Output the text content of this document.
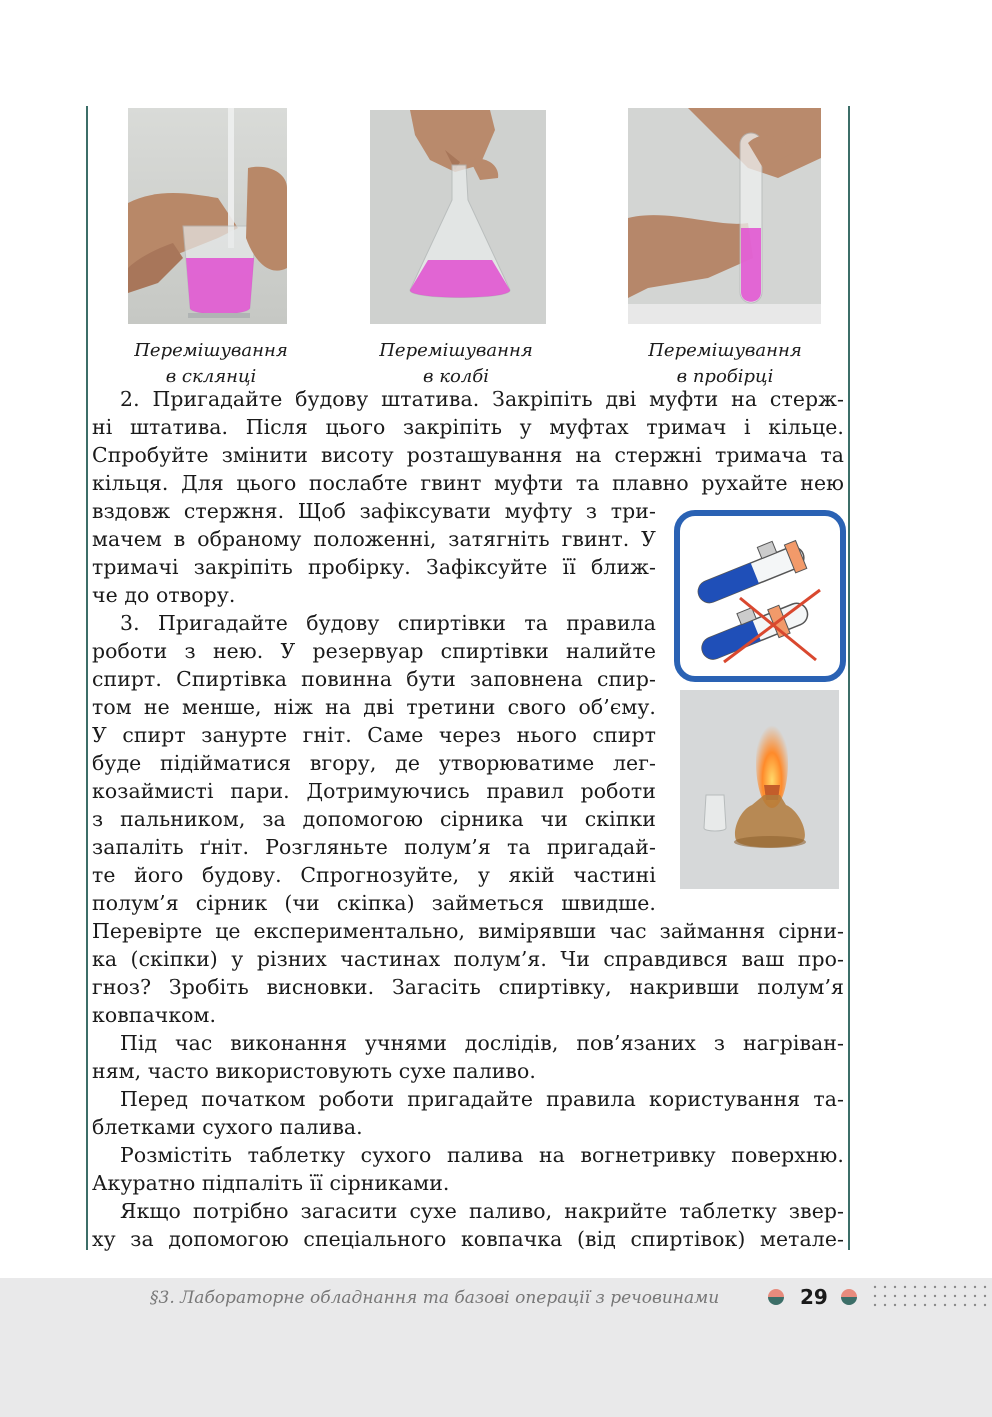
Перемішування
в склянці
Перемішування
в колбі
Перемішування
в пробірці
2. Пригадайте будову штатива. Закріпіть дві муфти на стерж-
ні штатива. Після цього закріпіть у муфтах тримач і кільце.
Спробуйте змінити висоту розташування на стержні тримача та
кільця. Для цього послабте гвинт муфти та плавно рухайте нею
вздовж стержня. Щоб зафіксувати муфту з три-
мачем в обраному положенні, затягніть гвинт. У
тримачі закріпіть пробірку. Зафіксуйте її ближ-
че до отвору.
3. Пригадайте будову спиртівки та правила
роботи з нею. У резервуар спиртівки налийте
спирт. Спиртівка повинна бути заповнена спир-
том не менше, ніж на дві третини свого об’єму.
У спирт занурте гніт. Саме через нього спирт
буде підійматися вгору, де утворюватиме лег-
козаймисті пари. Дотримуючись правил роботи
з пальником, за допомогою сірника чи скіпки
запаліть ґніт. Розгляньте полум’я та пригадай-
те його будову. Спрогнозуйте, у якій частині
полум’я сірник (чи скіпка) займеться швидше.
Перевірте це експериментально, вимірявши час займання сірни-
ка (скіпки) у різних частинах полум’я. Чи справдився ваш про-
гноз? Зробіть висновки. Загасіть спиртівку, накривши полум’я
ковпачком.
Під час виконання учнями дослідів, пов’язаних з нагріван-
ням, часто використовують сухе паливо.
Перед початком роботи пригадайте правила користування та-
блетками сухого палива.
Розмістіть таблетку сухого палива на вогнетривку поверхню.
Акуратно підпаліть її сірниками.
Якщо потрібно загасити сухе паливо, накрийте таблетку звер-
ху за допомогою спеціального ковпачка (від спиртівок) метале-
§3. Лабораторне обладнання та базові операції з речовинами	29
